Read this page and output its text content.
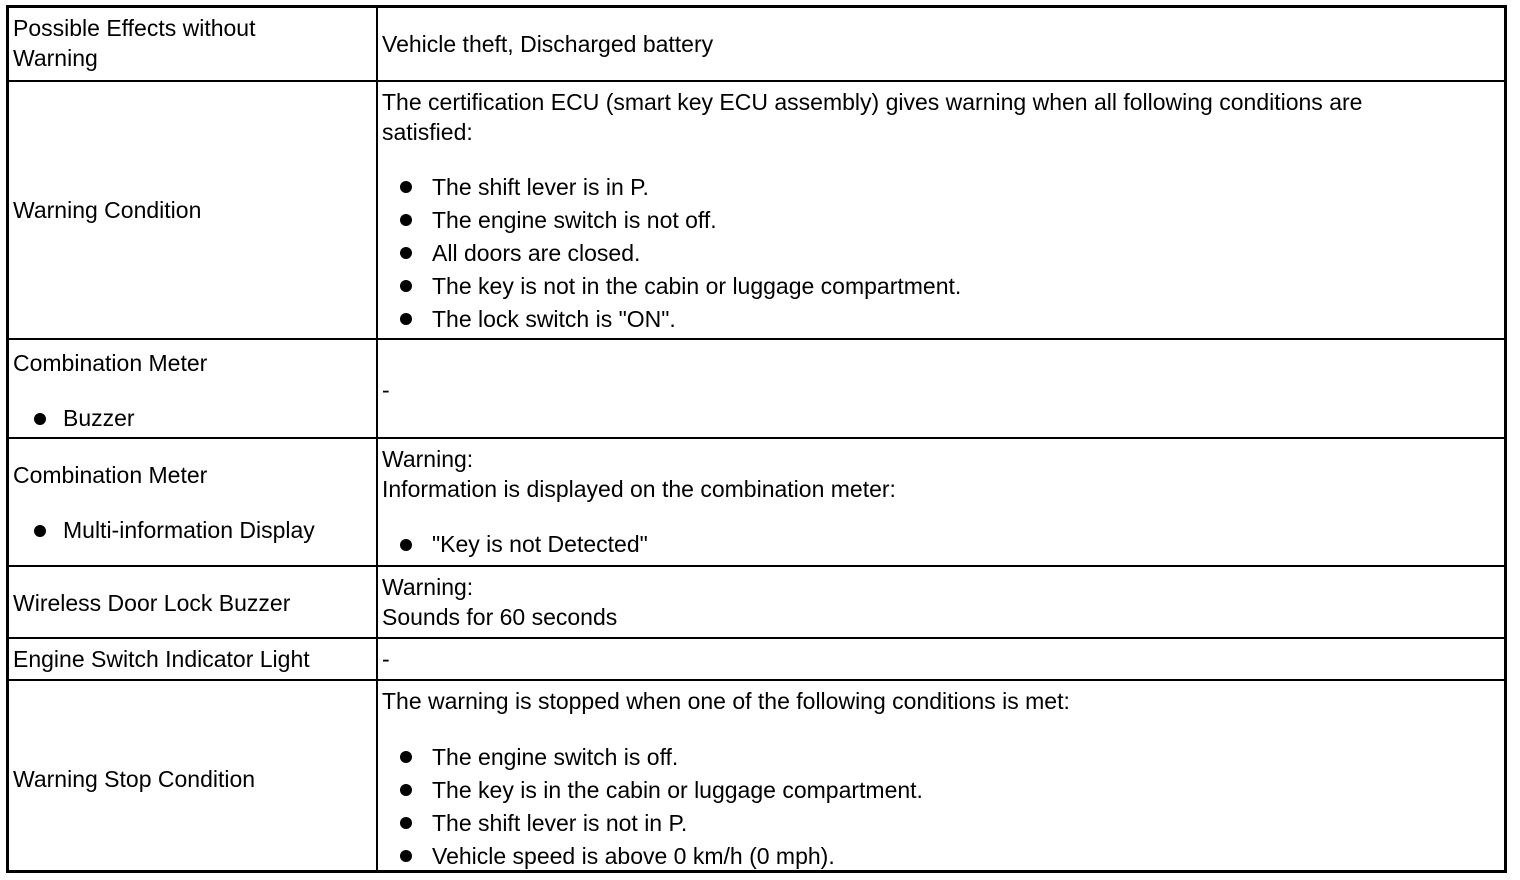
Possible Effects without
Warning
Vehicle theft, Discharged battery
Warning Condition
The certification ECU (smart key ECU assembly) gives warning when all following conditions are
satisfied:
The shift lever is in P.
The engine switch is not off.
All doors are closed.
The key is not in the cabin or luggage compartment.
The lock switch is "ON".
Combination Meter
Buzzer
-
Combination Meter
Multi-information Display
Warning:
Information is displayed on the combination meter:
"Key is not Detected"
Wireless Door Lock Buzzer
Warning:
Sounds for 60 seconds
Engine Switch Indicator Light	-
Warning Stop Condition
The warning is stopped when one of the following conditions is met:
The engine switch is off.
The key is in the cabin or luggage compartment.
The shift lever is not in P.
Vehicle speed is above 0 km/h (0 mph).
